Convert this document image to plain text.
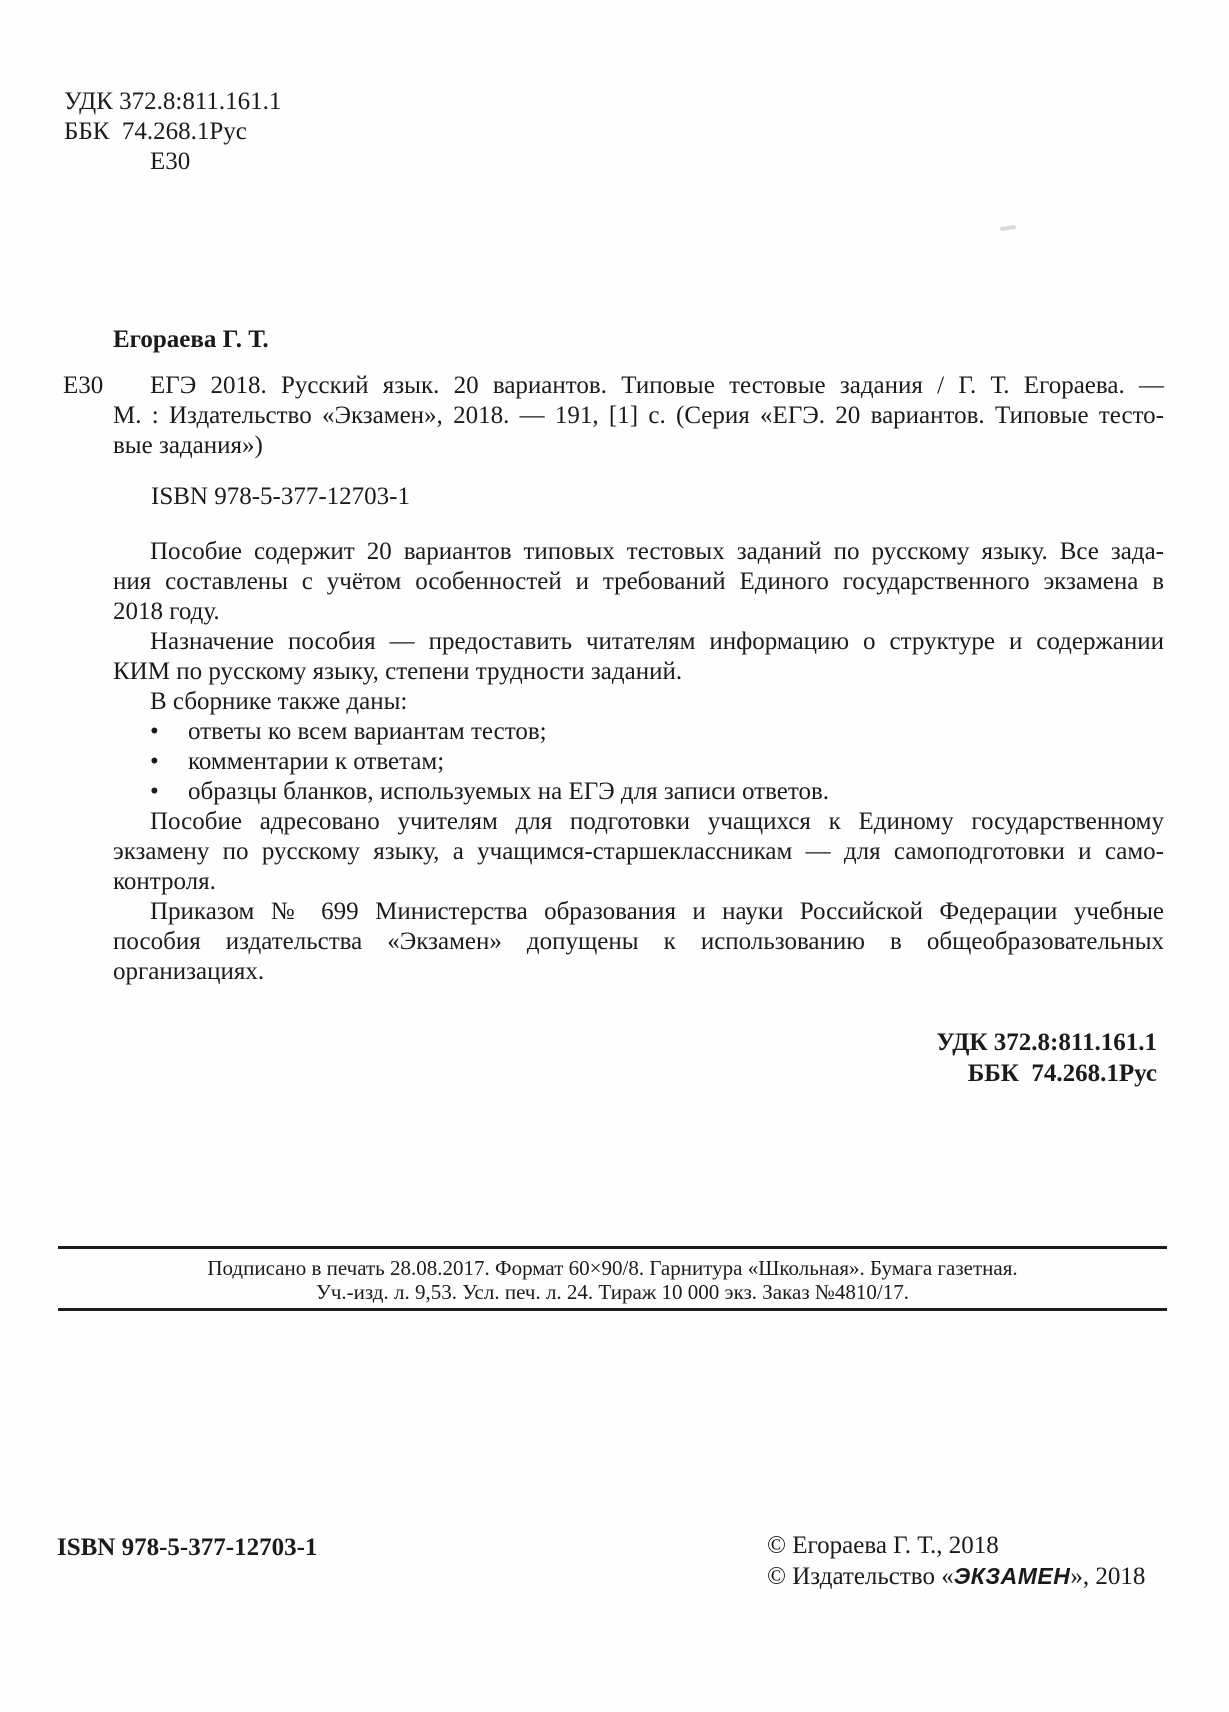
УДК 372.8:811.161.1
ББК  74.268.1Рус
Е30
Егораева Г. Т.
Е30	ЕГЭ 2018. Русский язык. 20 вариантов. Типовые тестовые задания / Г. Т. Егораева. —
М. : Издательство «Экзамен», 2018. — 191, [1] с. (Серия «ЕГЭ. 20 вариантов. Типовые тесто-
вые задания»)
ISBN 978-5-377-12703-1
Пособие содержит 20 вариантов типовых тестовых заданий по русскому языку. Все зада-
ния составлены с учётом особенностей и требований Единого государственного экзамена в
2018 году.
Назначение пособия — предоставить читателям информацию о структуре и содержании
КИМ по русскому языку, степени трудности заданий.
В сборнике также даны:
• ответы ко всем вариантам тестов;
• комментарии к ответам;
• образцы бланков, используемых на ЕГЭ для записи ответов.
Пособие адресовано учителям для подготовки учащихся к Единому государственному
экзамену по русскому языку, а учащимся-старшеклассникам — для самоподготовки и само-
контроля.
Приказом № 699 Министерства образования и науки Российской Федерации учебные
пособия издательства «Экзамен» допущены к использованию в общеобразовательных
организациях.
УДК 372.8:811.161.1
ББК  74.268.1Рус
Подписано в печать 28.08.2017. Формат 60×90/8. Гарнитура «Школьная». Бумага газетная.
Уч.-изд. л. 9,53. Усл. печ. л. 24. Тираж 10 000 экз. Заказ №4810/17.
ISBN 978-5-377-12703-1	© Егораева Г. Т., 2018
© Издательство «ЭКЗАМЕН», 2018
